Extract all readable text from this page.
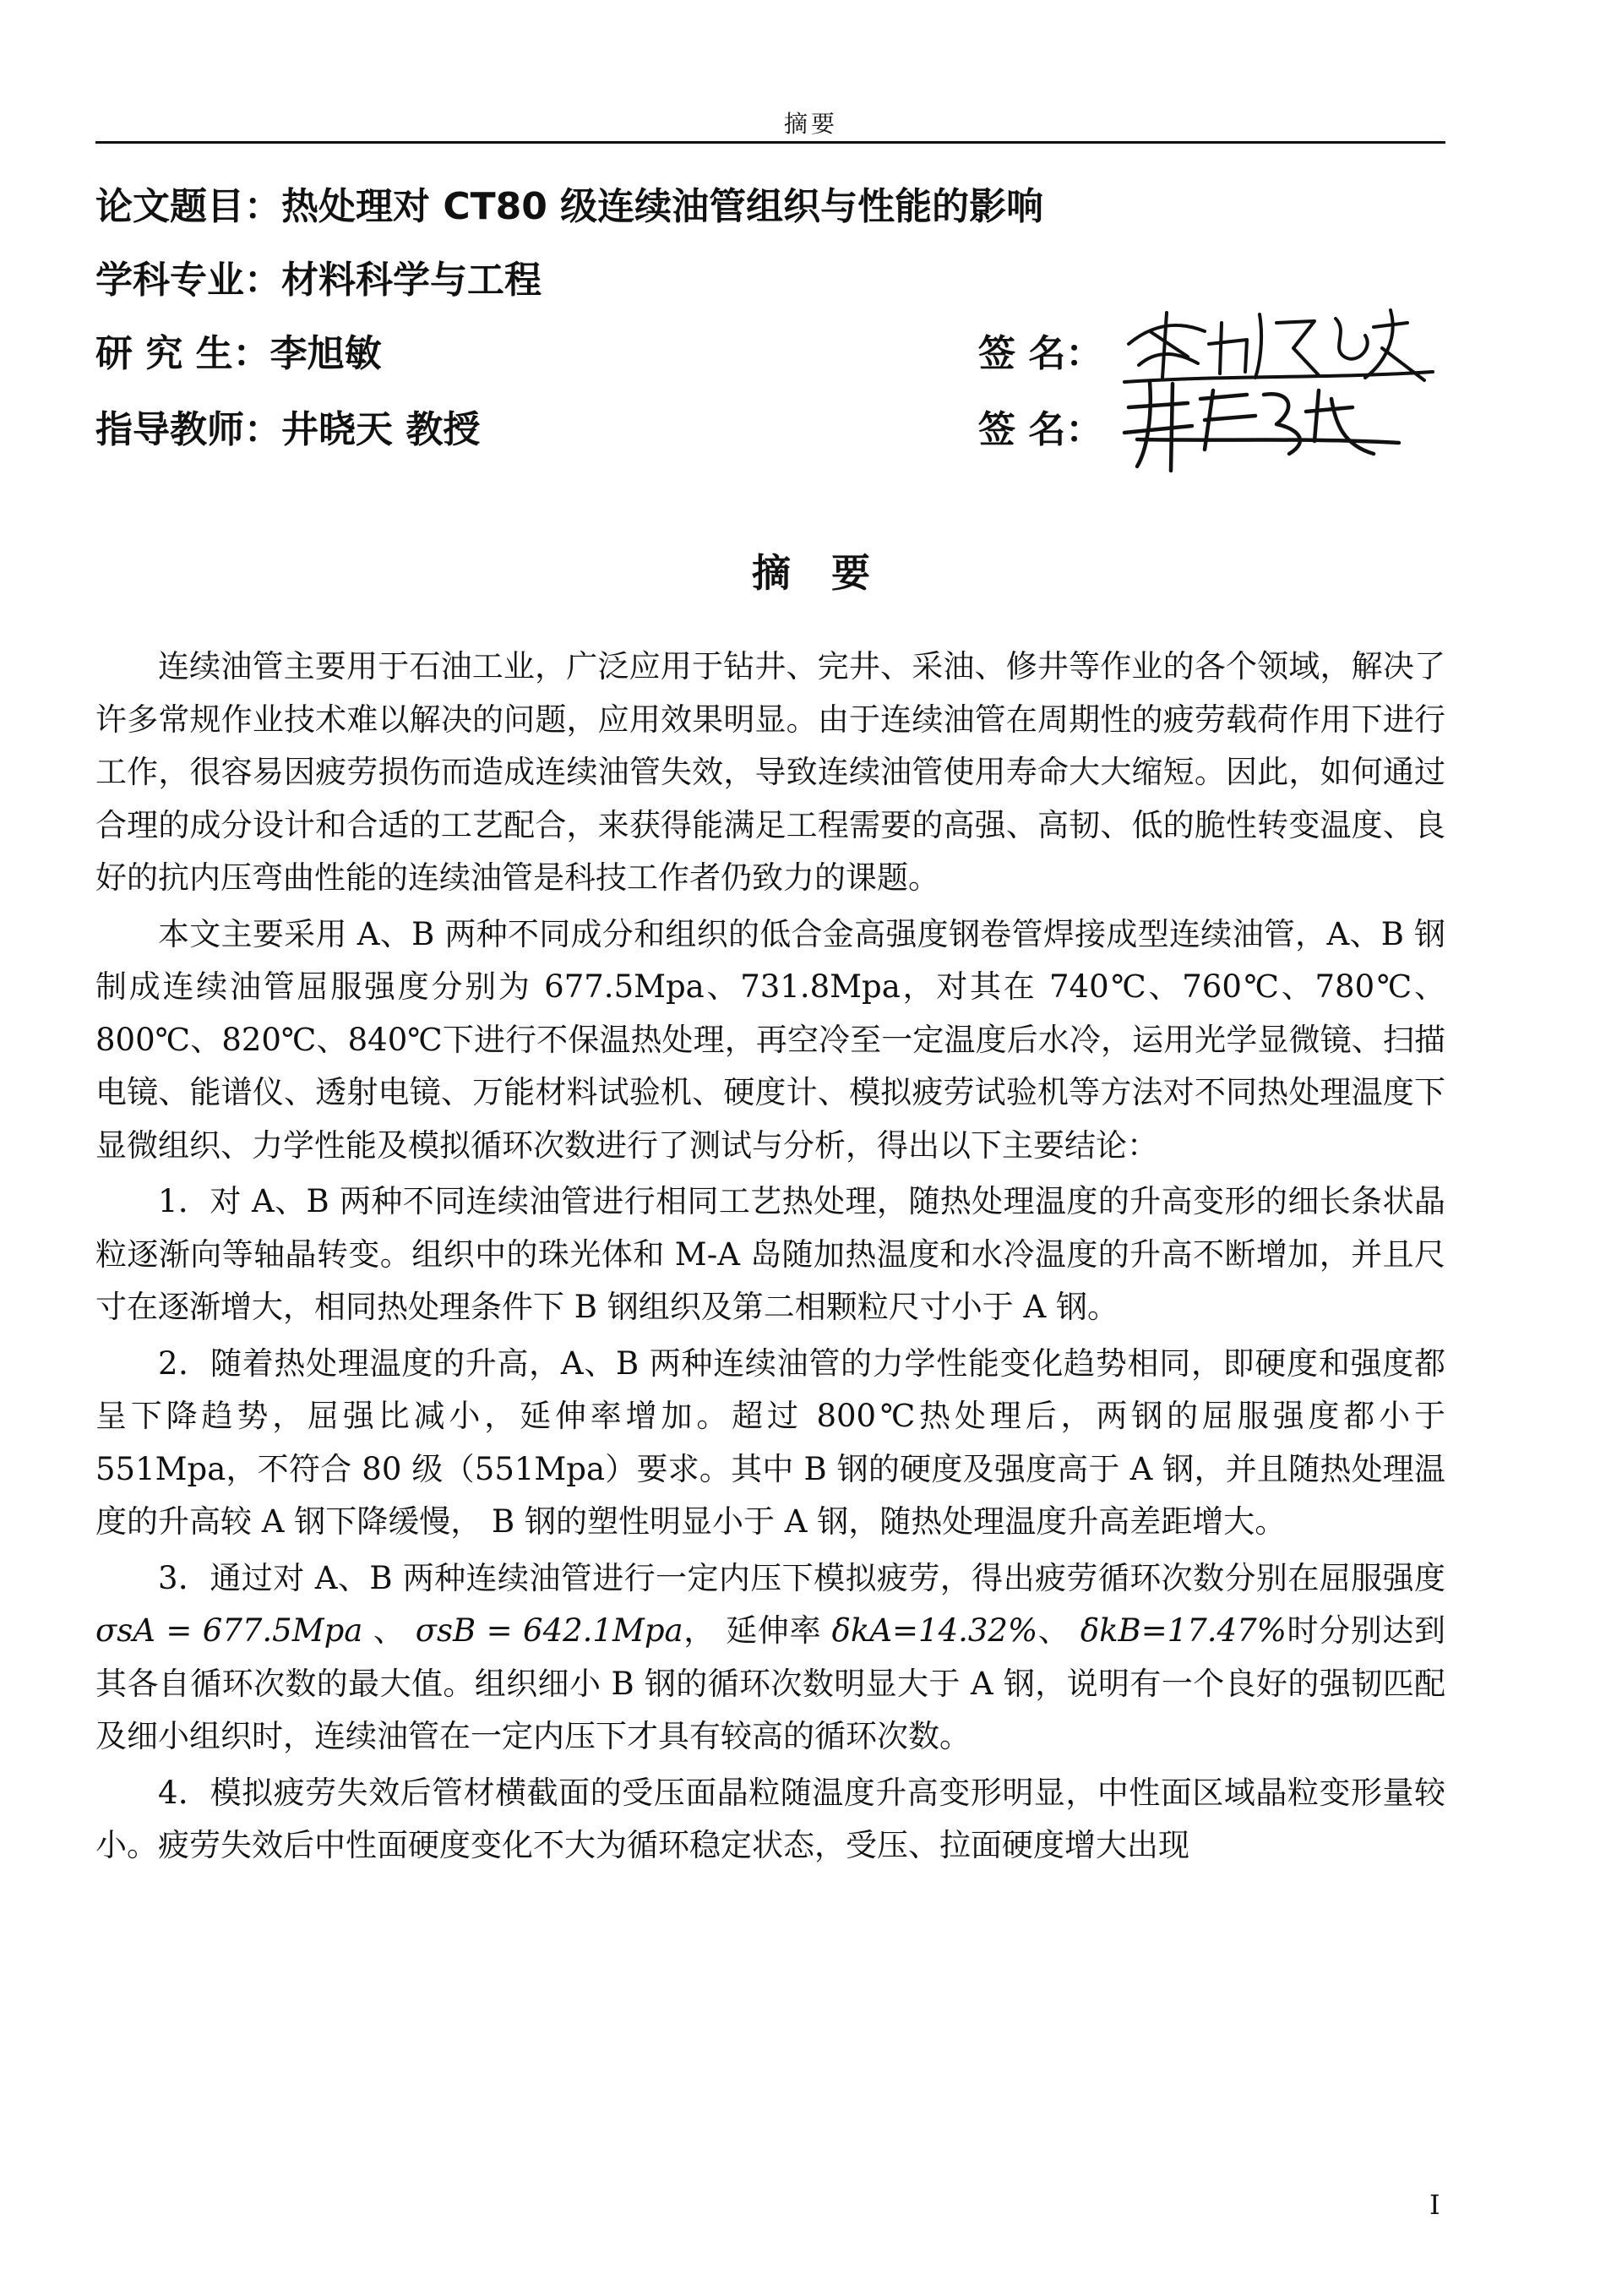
摘要
论文题目：热处理对 CT80 级连续油管组织与性能的影响
学科专业：材料科学与工程
研 究 生：李旭敏
指导教师：井晓天 教授
签 名：
签 名：
摘要

连续油管主要用于石油工业，广泛应用于钻井、完井、采油、修井等作业的各个领域，解决了许多常规作业技术难以解决的问题，应用效果明显。由于连续油管在周期性的疲劳载荷作用下进行工作，很容易因疲劳损伤而造成连续油管失效，导致连续油管使用寿命大大缩短。因此，如何通过合理的成分设计和合适的工艺配合，来获得能满足工程需要的高强、高韧、低的脆性转变温度、良好的抗内压弯曲性能的连续油管是科技工作者仍致力的课题。

本文主要采用 A、B 两种不同成分和组织的低合金高强度钢卷管焊接成型连续油管，A、B 钢制成连续油管屈服强度分别为 677.5Mpa、731.8Mpa，对其在 740℃、760℃、780℃、800℃、820℃、840℃下进行不保温热处理，再空冷至一定温度后水冷，运用光学显微镜、扫描电镜、能谱仪、透射电镜、万能材料试验机、硬度计、模拟疲劳试验机等方法对不同热处理温度下显微组织、力学性能及模拟循环次数进行了测试与分析，得出以下主要结论：

1．对 A、B 两种不同连续油管进行相同工艺热处理，随热处理温度的升高变形的细长条状晶粒逐渐向等轴晶转变。组织中的珠光体和 M-A 岛随加热温度和水冷温度的升高不断增加，并且尺寸在逐渐增大，相同热处理条件下 B 钢组织及第二相颗粒尺寸小于 A 钢。

2．随着热处理温度的升高，A、B 两种连续油管的力学性能变化趋势相同，即硬度和强度都呈下降趋势，屈强比减小，延伸率增加。超过 800℃热处理后，两钢的屈服强度都小于 551Mpa，不符合 80 级（551Mpa）要求。其中 B 钢的硬度及强度高于 A 钢，并且随热处理温度的升高较 A 钢下降缓慢， B 钢的塑性明显小于 A 钢，随热处理温度升高差距增大。

3．通过对 A、B 两种连续油管进行一定内压下模拟疲劳，得出疲劳循环次数分别在屈服强度 σsA = 677.5Mpa 、 σsB = 642.1Mpa， 延伸率 δkA=14.32%、 δkB=17.47%时分别达到其各自循环次数的最大值。组织细小 B 钢的循环次数明显大于 A 钢，说明有一个良好的强韧匹配及细小组织时，连续油管在一定内压下才具有较高的循环次数。

4．模拟疲劳失效后管材横截面的受压面晶粒随温度升高变形明显，中性面区域晶粒变形量较小。疲劳失效后中性面硬度变化不大为循环稳定状态，受压、拉面硬度增大出现

I
